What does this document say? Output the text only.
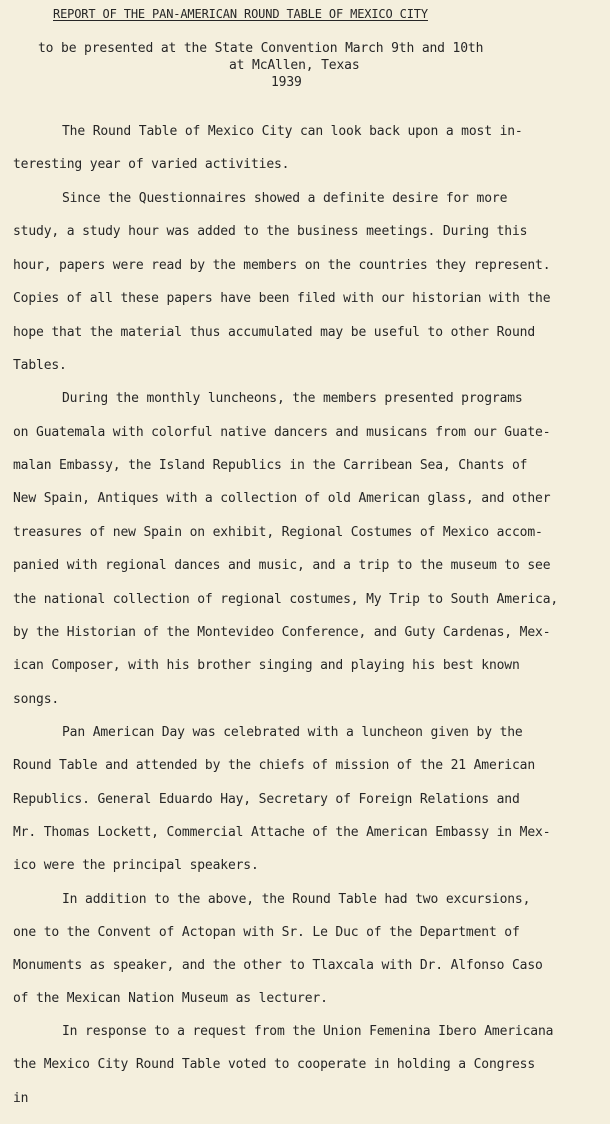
REPORT OF THE PAN-AMERICAN ROUND TABLE OF MEXICO CITY

to be presented at the State Convention March 9th and 10th

at McAllen, Texas

1939

The Round Table of Mexico City can look back upon a most in-

teresting year of varied activities.

Since the Questionnaires showed a definite desire for more

study, a study hour was added to the business meetings. During this

hour, papers were read by the members on the countries they represent.

Copies of all these papers have been filed with our historian with the

hope that the material thus accumulated may be useful to other Round

Tables.

During the monthly luncheons, the members presented programs

on Guatemala with colorful native dancers and musicans from our Guate-

malan Embassy, the Island Republics in the Carribean Sea, Chants of

New Spain, Antiques with a collection of old American glass, and other

treasures of new Spain on exhibit, Regional Costumes of Mexico accom-

panied with regional dances and music, and a trip to the museum to see

the national collection of regional costumes, My Trip to South America,

by the Historian of the Montevideo Conference, and Guty Cardenas, Mex-

ican Composer, with his brother singing and playing his best known

songs.

Pan American Day was celebrated with a luncheon given by the

Round Table and attended by the chiefs of mission of the 21 American

Republics. General Eduardo Hay, Secretary of Foreign Relations and

Mr. Thomas Lockett, Commercial Attache of the American Embassy in Mex-

ico were the principal speakers.

In addition to the above, the Round Table had two excursions,

one to the Convent of Actopan with Sr. Le Duc of the Department of

Monuments as speaker, and the other to Tlaxcala with Dr. Alfonso Caso

of the Mexican Nation Museum as lecturer.

In response to a request from the Union Femenina Ibero Americana

the Mexico City Round Table voted to cooperate in holding a Congress

in
